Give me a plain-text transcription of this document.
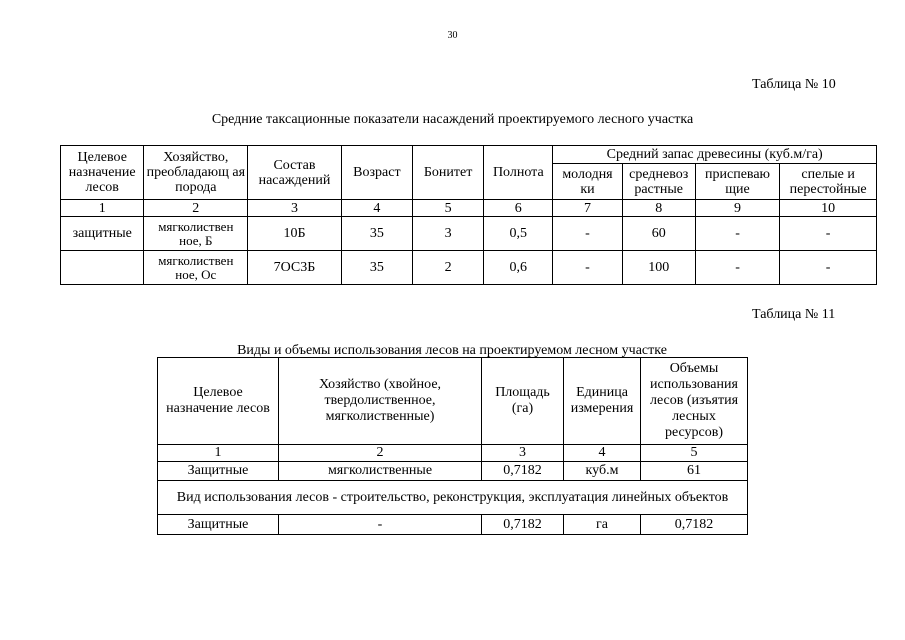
30
Таблица № 10
Средние таксационные показатели насаждений проектируемого лесного участка
Целевое назначение лесов	Хозяйство, преобладающ ая порода	Состав насаждений	Возраст	Бонитет	Полнота	Средний запас древесины (куб.м/га)			
						молодня ки	средневоз растные	приспеваю щие	спелые и перестойные
1	2	3	4	5	6	7	8	9	10
защитные	мягколиствен ное, Б	10Б	35	3	0,5	-	60	-	-
	мягколиствен ное, Ос	7ОС3Б	35	2	0,6	-	100	-	-
Таблица № 11
Виды и объемы использования лесов на проектируемом лесном участке
Целевое назначение лесов	Хозяйство (хвойное, твердолиственное, мягколиственные)	Площадь (га)	Единица измерения	Объемы использования лесов (изъятия лесных ресурсов)
1	2	3	4	5
Защитные	мягколиственные	0,7182	куб.м	61
Вид использования лесов - строительство, реконструкция, эксплуатация линейных объектов				
Защитные	-	0,7182	га	0,7182
